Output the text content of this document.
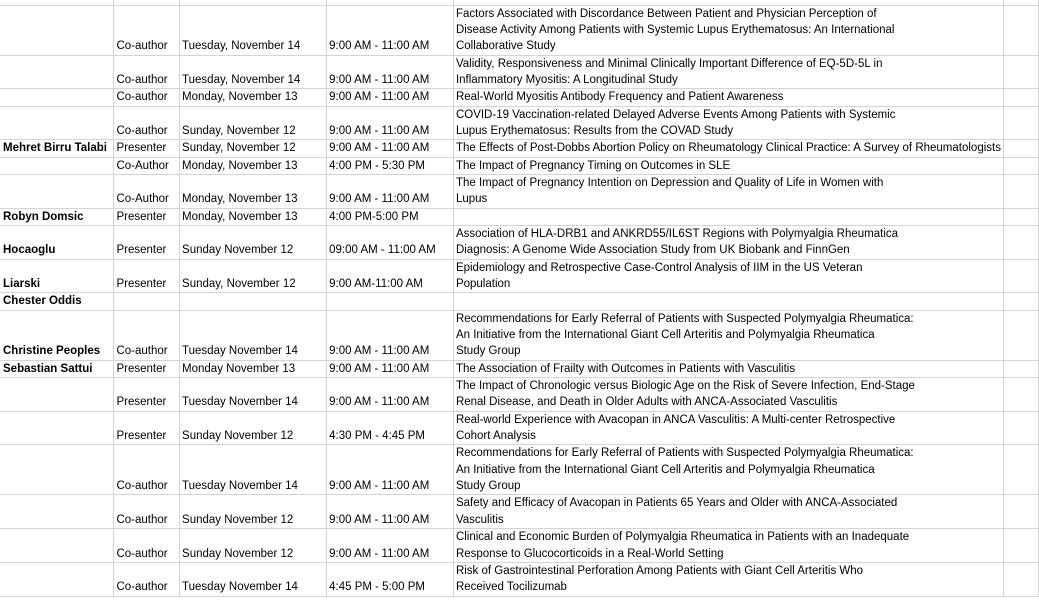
	Co-author	Tuesday, November 14	9:00 AM - 11:00 AM	Factors Associated with Discordance Between Patient and Physician Perception of
Disease Activity Among Patients with Systemic Lupus Erythematosus: An International
Collaborative Study	

	Co-author	Tuesday, November 14	9:00 AM - 11:00 AM	Validity, Responsiveness and Minimal Clinically Important Difference of EQ-5D-5L in
Inflammatory Myositis: A Longitudinal Study	

	Co-author	Monday, November 13	9:00 AM - 11:00 AM	Real-World Myositis Antibody Frequency and Patient Awareness	

	Co-author	Sunday, November 12	9:00 AM - 11:00 AM	COVID-19 Vaccination-related Delayed Adverse Events Among Patients with Systemic
Lupus Erythematosus: Results from the COVAD Study	

Mehret Birru Talabi	Presenter	Sunday, November 12	9:00 AM - 11:00 AM	The Effects of Post-Dobbs Abortion Policy on Rheumatology Clinical Practice: A Survey of Rheumatologists	

	Co-Author	Monday, November 13	4:00 PM - 5:30 PM	The Impact of Pregnancy Timing on Outcomes in SLE	

	Co-Author	Monday, November 13	9:00 AM - 11:00 AM	The Impact of Pregnancy Intention on Depression and Quality of Life in Women with
Lupus	

Robyn Domsic	Presenter	Monday, November 13	4:00 PM-5:00 PM	

Hocaoglu	Presenter	Sunday November 12	09:00 AM - 11:00 AM	Association of HLA-DRB1 and ANKRD55/IL6ST Regions with Polymyalgia Rheumatica
Diagnosis: A Genome Wide Association Study from UK Biobank and FinnGen	

Liarski	Presenter	Sunday, November 12	9:00 AM-11:00 AM	Epidemiology and Retrospective Case-Control Analysis of IIM in the US Veteran
Population	

Chester Oddis				

Christine Peoples	Co-author	Tuesday November 14	9:00 AM - 11:00 AM	Recommendations for Early Referral of Patients with Suspected Polymyalgia Rheumatica:
An Initiative from the International Giant Cell Arteritis and Polymyalgia Rheumatica
Study Group	

Sebastian Sattui	Presenter	Monday November 13	9:00 AM - 11:00 AM	The Association of Frailty with Outcomes in Patients with Vasculitis	

	Presenter	Tuesday November 14	9:00 AM - 11:00 AM	The Impact of Chronologic versus Biologic Age on the Risk of Severe Infection, End-Stage
Renal Disease, and Death in Older Adults with ANCA-Associated Vasculitis	

	Presenter	Sunday November 12	4:30 PM - 4:45 PM	Real-world Experience with Avacopan in ANCA Vasculitis: A Multi-center Retrospective
Cohort Analysis	

	Co-author	Tuesday November 14	9:00 AM - 11:00 AM	Recommendations for Early Referral of Patients with Suspected Polymyalgia Rheumatica:
An Initiative from the International Giant Cell Arteritis and Polymyalgia Rheumatica
Study Group	

	Co-author	Sunday November 12	9:00 AM - 11:00 AM	Safety and Efficacy of Avacopan in Patients 65 Years and Older with ANCA-Associated
Vasculitis	

	Co-author	Sunday November 12	9:00 AM - 11:00 AM	Clinical and Economic Burden of Polymyalgia Rheumatica in Patients with an Inadequate
Response to Glucocorticoids in a Real-World Setting	

	Co-author	Tuesday November 14	4:45 PM - 5:00 PM	Risk of Gastrointestinal Perforation Among Patients with Giant Cell Arteritis Who
Received Tocilizumab	
